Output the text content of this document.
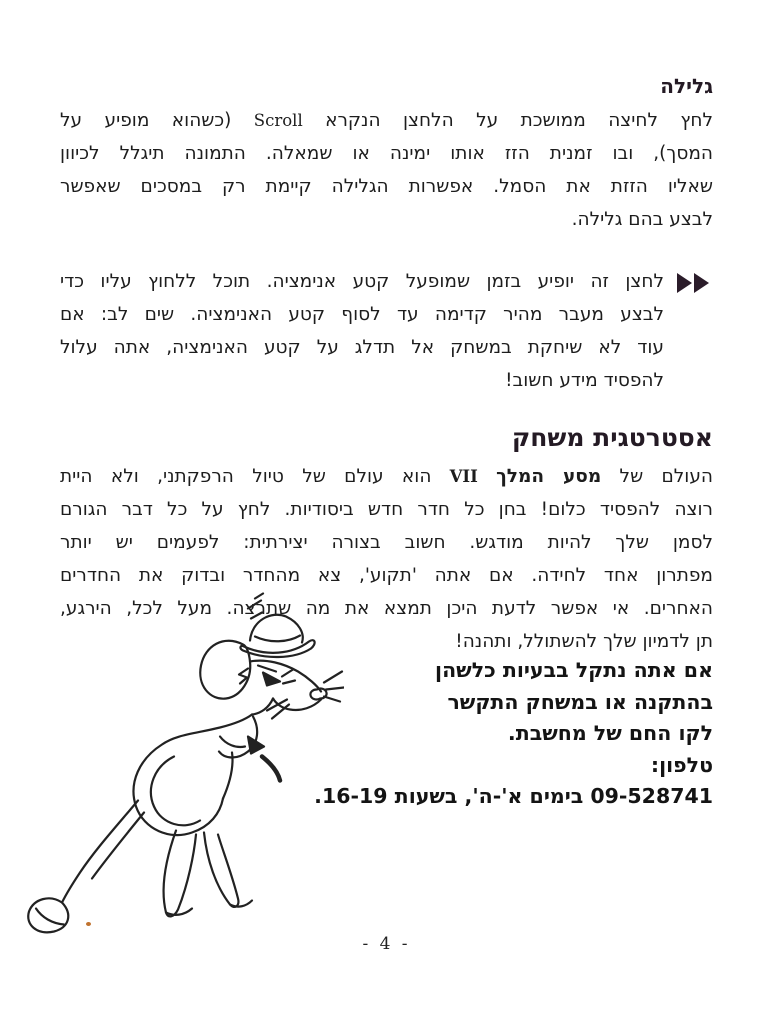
גלילה
לחץ לחיצה ממושכת על הלחצן הנקרא Scroll (כשהוא מופיע על
המסך), ובו זמנית הזז אותו ימינה או שמאלה. התמונה תיגלל לכיוון
שאליו הזזת את הסמל. אפשרות הגלילה קיימת רק במסכים שאפשר
לבצע בהם גלילה.
לחצן זה יופיע בזמן שמופעל קטע אנימציה. תוכל ללחוץ עליו כדי
לבצע מעבר מהיר קדימה עד לסוף קטע האנימציה. שים לב: אם
עוד לא שיחקת במשחק אל תדלג על קטע האנימציה, אתה עלול
להפסיד מידע חשוב!
אסטרטגית משחק
העולם של מסע המלך VII הוא עולם של טיול הרפקתני, ולא היית
רוצה להפסיד כלום! בחן כל חדר חדש ביסודיות. לחץ על כל דבר הגורם
לסמן שלך להיות מודגש. חשוב בצורה יצירתית: לפעמים יש יותר
מפתרון אחד לחידה. אם אתה 'תקוע', צא מהחדר ובדוק את החדרים
האחרים. אי אפשר לדעת היכן תמצא את מה שתרצה. מעל לכל, הירגע,
תן לדמיון שלך להשתולל, ותהנה!
אם אתה נתקל בבעיות כלשהן
בהתקנה או במשחק התקשר
לקו החם של מחשבת.
טלפון:
09-528741 בימים א'-ה', בשעות 16-19.
- 4 -
